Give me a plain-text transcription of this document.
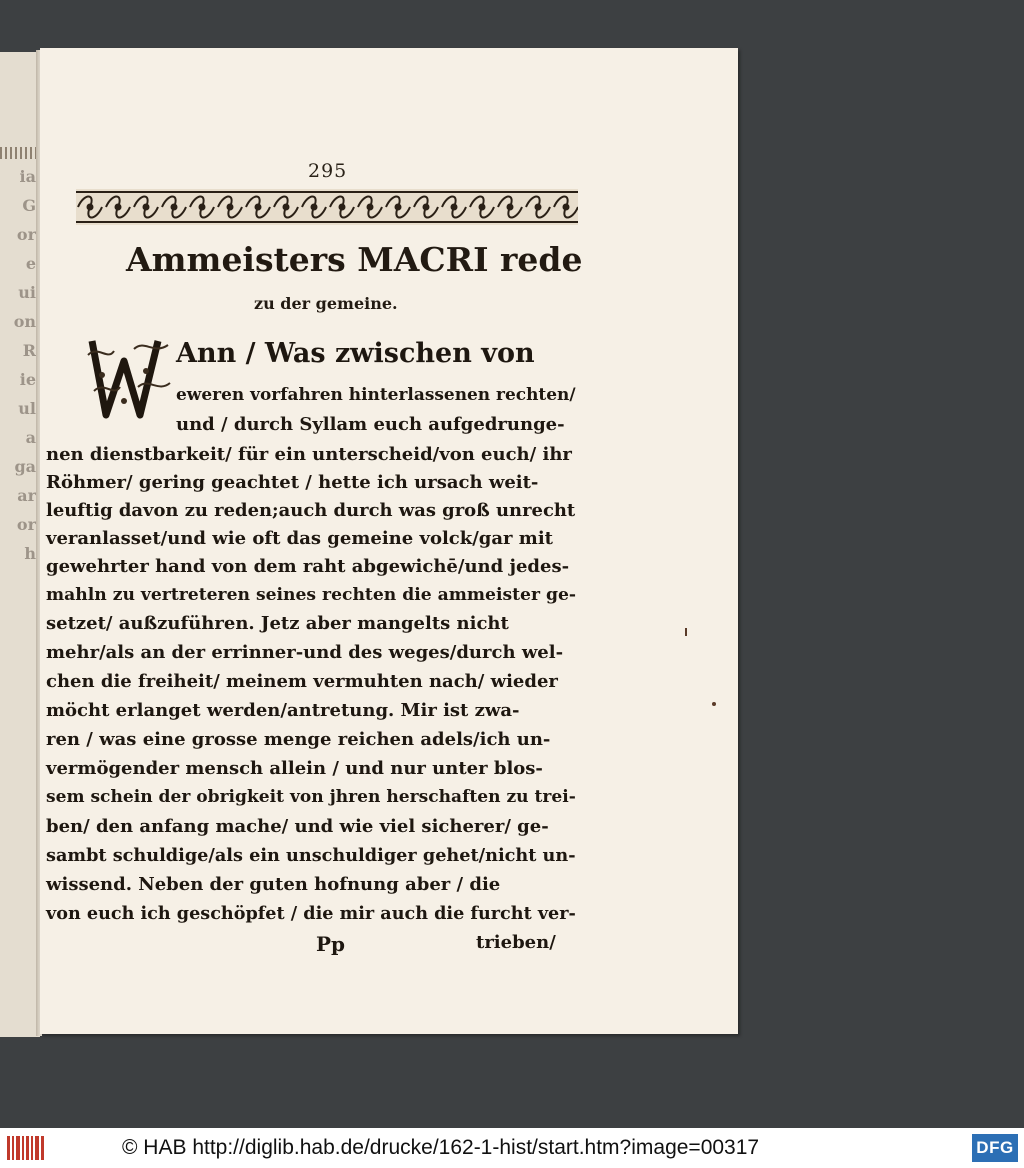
ia
G
or
e
ui
on
R
ie
ul
a
ga
ar
or
h
295
Ammeisters MACRI rede
zu der gemeine.
Ann / Was zwischen von
eweren vorfahren hinterlassenen rechten/
und / durch Syllam euch aufgedrunge-
nen dienstbarkeit/ für ein unterscheid/von euch/ ihr
Röhmer/ gering geachtet / hette ich ursach weit-
leuftig davon zu reden;auch durch was groß unrecht
veranlasset/und wie oft das gemeine volck/gar mit
gewehrter hand von dem raht abgewichē/und jedes-
mahln zu vertreteren seines rechten die ammeister ge-
setzet/ außzuführen. Jetz aber mangelts nicht
mehr/als an der errinner-und des weges/durch wel-
chen die freiheit/ meinem vermuhten nach/ wieder
möcht erlanget werden/antretung. Mir ist zwa-
ren / was eine grosse menge reichen adels/ich un-
vermögender mensch allein / und nur unter blos-
sem schein der obrigkeit von jhren herschaften zu trei-
ben/ den anfang mache/ und wie viel sicherer/ ge-
sambt schuldige/als ein unschuldiger gehet/nicht un-
wissend. Neben der guten hofnung aber / die
von euch ich geschöpfet / die mir auch die furcht ver-
Pp	trieben/
© HAB http://diglib.hab.de/drucke/162-1-hist/start.htm?image=00317	DFG
